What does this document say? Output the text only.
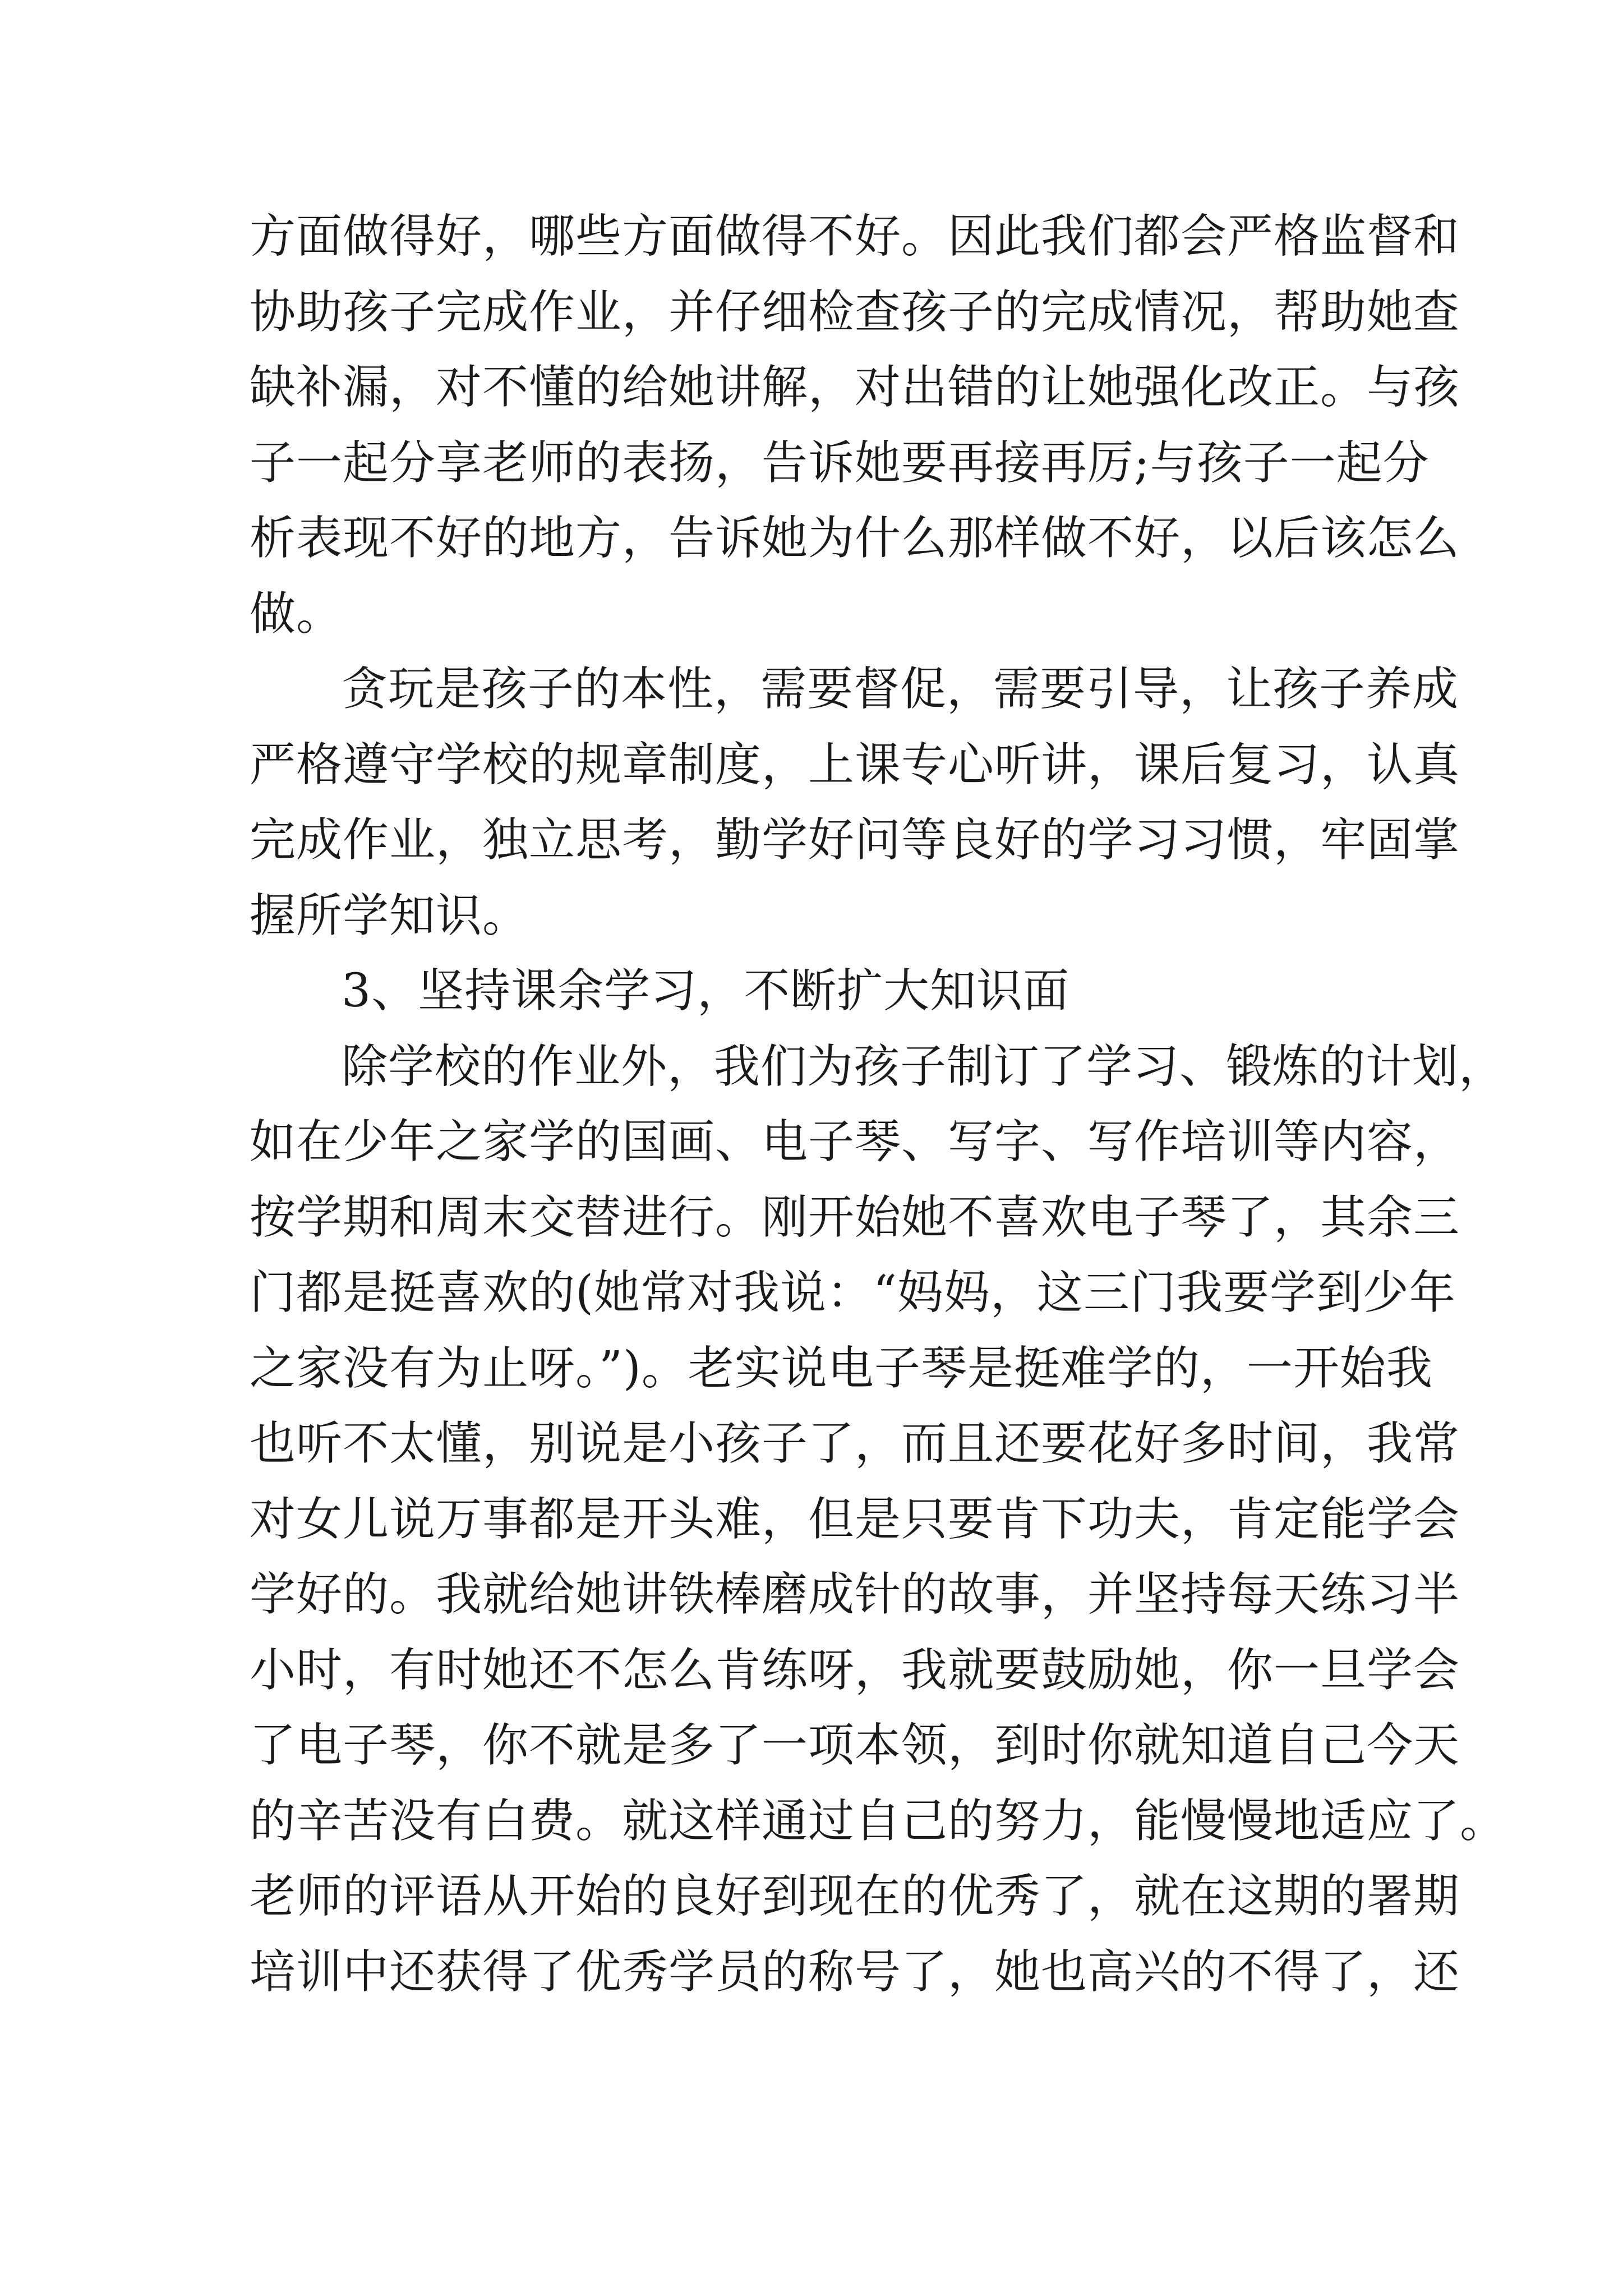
方面做得好，哪些方面做得不好。因此我们都会严格监督和
协助孩子完成作业，并仔细检查孩子的完成情况，帮助她查
缺补漏，对不懂的给她讲解，对出错的让她强化改正。与孩
子一起分享老师的表扬，告诉她要再接再厉;与孩子一起分
析表现不好的地方，告诉她为什么那样做不好，以后该怎么
做。
贪玩是孩子的本性，需要督促，需要引导，让孩子养成
严格遵守学校的规章制度，上课专心听讲，课后复习，认真
完成作业，独立思考，勤学好问等良好的学习习惯，牢固掌
握所学知识。
3、坚持课余学习，不断扩大知识面
除学校的作业外，我们为孩子制订了学习、锻炼的计划，
如在少年之家学的国画、电子琴、写字、写作培训等内容，
按学期和周末交替进行。刚开始她不喜欢电子琴了，其余三
门都是挺喜欢的(她常对我说：“妈妈，这三门我要学到少年
之家没有为止呀。”)。老实说电子琴是挺难学的，一开始我
也听不太懂，别说是小孩子了，而且还要花好多时间，我常
对女儿说万事都是开头难，但是只要肯下功夫，肯定能学会
学好的。我就给她讲铁棒磨成针的故事，并坚持每天练习半
小时，有时她还不怎么肯练呀，我就要鼓励她，你一旦学会
了电子琴，你不就是多了一项本领，到时你就知道自己今天
的辛苦没有白费。就这样通过自己的努力，能慢慢地适应了。
老师的评语从开始的良好到现在的优秀了，就在这期的署期
培训中还获得了优秀学员的称号了，她也高兴的不得了，还
